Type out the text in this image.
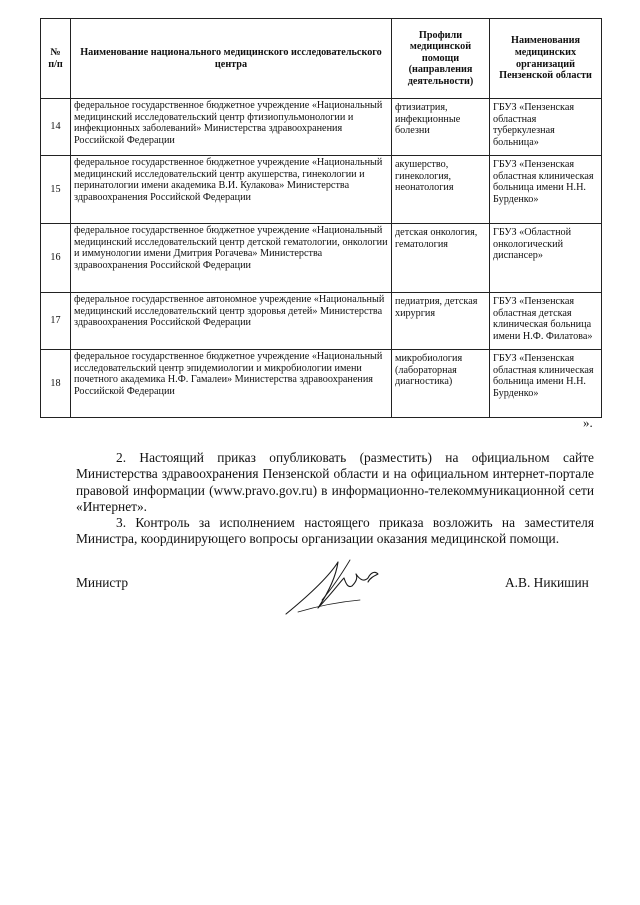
№ п/п	Наименование национального медицинского исследовательского центра	Профили медицинской помощи (направления деятельности)	Наименования медицинских организаций Пензенской области
14	федеральное государственное бюджетное учреждение «Национальный медицинский исследовательский центр фтизиопульмонологии и инфекционных заболеваний» Министерства здравоохранения Российской Федерации	фтизиатрия, инфекционные болезни	ГБУЗ «Пензенская областная туберкулезная больница»
15	федеральное государственное бюджетное учреждение «Национальный медицинский исследовательский центр акушерства, гинекологии и перинатологии имени академика В.И. Кулакова» Министерства здравоохранения Российской Федерации	акушерство, гинекология, неонатология	ГБУЗ «Пензенская областная клиническая больница имени Н.Н. Бурденко»
16	федеральное государственное бюджетное учреждение «Национальный медицинский исследовательский центр детской гематологии, онкологии и иммунологии имени Дмитрия Рогачева» Министерства здравоохранения Российской Федерации	детская онкология, гематология	ГБУЗ «Областной онкологический диспансер»
17	федеральное государственное автономное учреждение «Национальный медицинский исследовательский центр здоровья детей» Министерства здравоохранения Российской Федерации	педиатрия, детская хирургия	ГБУЗ «Пензенская областная детская клиническая больница имени Н.Ф. Филатова»
18	федеральное государственное бюджетное учреждение «Национальный исследовательский центр эпидемиологии и микробиологии имени почетного академика Н.Ф. Гамалеи» Министерства здравоохранения Российской Федерации	микробиология (лабораторная диагностика)	ГБУЗ «Пензенская областная клиническая больница имени Н.Н. Бурденко»
».

2. Настоящий приказ опубликовать (разместить) на официальном сайте Министерства здравоохранения Пензенской области и на официальном интернет-портале правовой информации (www.pravo.gov.ru) в информационно-телекоммуникационной сети «Интернет».

3. Контроль за исполнением настоящего приказа возложить на заместителя Министра, координирующего вопросы организации оказания медицинской помощи.

Министр	А.В. Никишин
